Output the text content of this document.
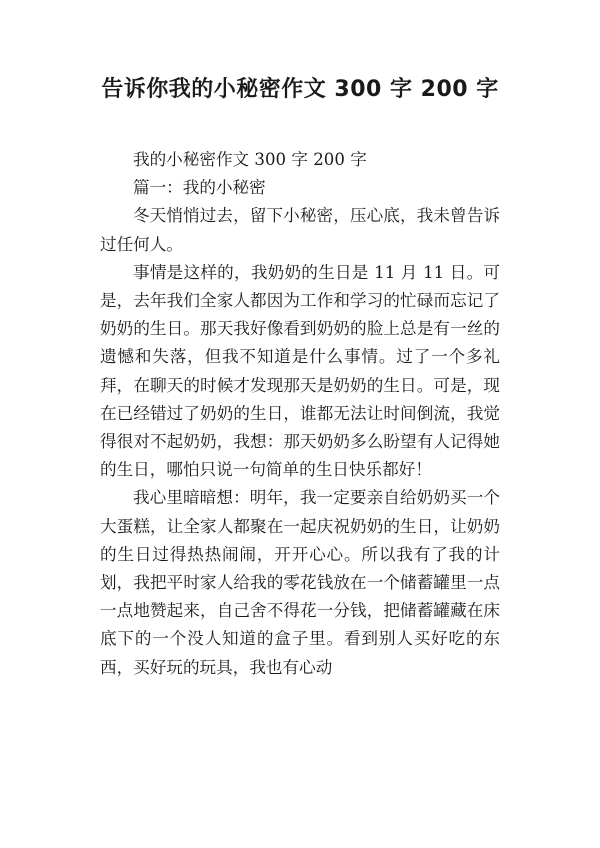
告诉你我的小秘密作文 300 字 200 字

我的小秘密作文 300 字 200 字

篇一：我的小秘密

冬天悄悄过去，留下小秘密，压心底，我未曾告诉过任何人。

事情是这样的，我奶奶的生日是 11 月 11 日。可是，去年我们全家人都因为工作和学习的忙碌而忘记了奶奶的生日。那天我好像看到奶奶的脸上总是有一丝的遗憾和失落，但我不知道是什么事情。过了一个多礼拜，在聊天的时候才发现那天是奶奶的生日。可是，现在已经错过了奶奶的生日，谁都无法让时间倒流，我觉得很对不起奶奶，我想：那天奶奶多么盼望有人记得她的生日，哪怕只说一句简单的生日快乐都好！

我心里暗暗想：明年，我一定要亲自给奶奶买一个大蛋糕，让全家人都聚在一起庆祝奶奶的生日，让奶奶的生日过得热热闹闹，开开心心。所以我有了我的计划，我把平时家人给我的零花钱放在一个储蓄罐里一点一点地赞起来，自己舍不得花一分钱，把储蓄罐藏在床底下的一个没人知道的盒子里。看到别人买好吃的东西，买好玩的玩具，我也有心动
